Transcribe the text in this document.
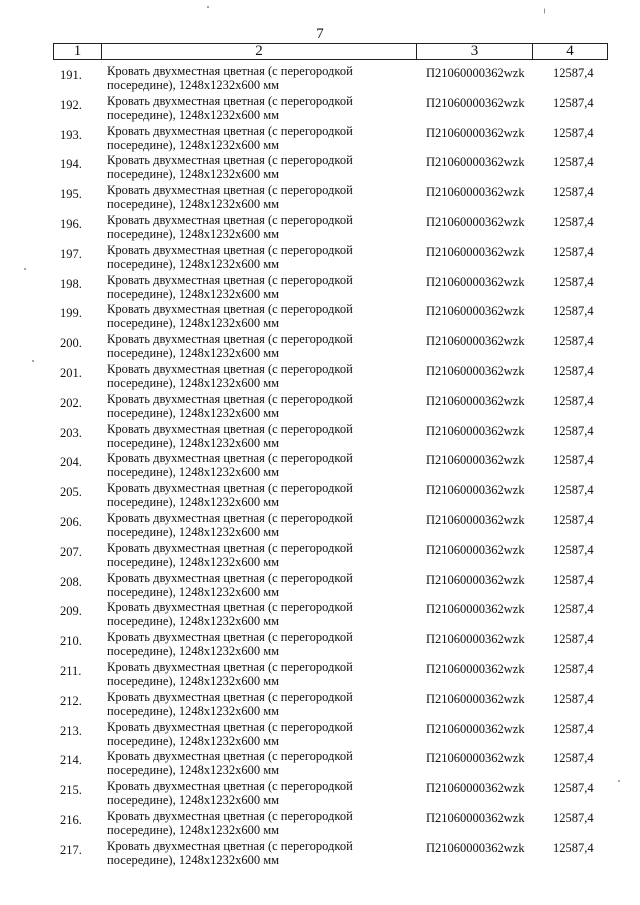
7
1	2	3	4
191.	Кровать двухместная цветная (с перегородкой
посередине), 1248x1232x600 мм
П21060000362wzk 12587,4
192.	Кровать двухместная цветная (с перегородкой
посередине), 1248x1232x600 мм
П21060000362wzk 12587,4
193.	Кровать двухместная цветная (с перегородкой
посередине), 1248x1232x600 мм
П21060000362wzk 12587,4
194.	Кровать двухместная цветная (с перегородкой
посередине), 1248x1232x600 мм
П21060000362wzk 12587,4
195.	Кровать двухместная цветная (с перегородкой
посередине), 1248x1232x600 мм
П21060000362wzk 12587,4
196.	Кровать двухместная цветная (с перегородкой
посередине), 1248x1232x600 мм
П21060000362wzk 12587,4
197.	Кровать двухместная цветная (с перегородкой
посередине), 1248x1232x600 мм
П21060000362wzk 12587,4
198.	Кровать двухместная цветная (с перегородкой
посередине), 1248x1232x600 мм
П21060000362wzk 12587,4
199.	Кровать двухместная цветная (с перегородкой
посередине), 1248x1232x600 мм
П21060000362wzk 12587,4
200.	Кровать двухместная цветная (с перегородкой
посередине), 1248x1232x600 мм
П21060000362wzk 12587,4
201.	Кровать двухместная цветная (с перегородкой
посередине), 1248x1232x600 мм
П21060000362wzk 12587,4
202.	Кровать двухместная цветная (с перегородкой
посередине), 1248x1232x600 мм
П21060000362wzk 12587,4
203.	Кровать двухместная цветная (с перегородкой
посередине), 1248x1232x600 мм
П21060000362wzk 12587,4
204.	Кровать двухместная цветная (с перегородкой
посередине), 1248x1232x600 мм
П21060000362wzk 12587,4
205.	Кровать двухместная цветная (с перегородкой
посередине), 1248x1232x600 мм
П21060000362wzk 12587,4
206.	Кровать двухместная цветная (с перегородкой
посередине), 1248x1232x600 мм
П21060000362wzk 12587,4
207.	Кровать двухместная цветная (с перегородкой
посередине), 1248x1232x600 мм
П21060000362wzk 12587,4
208.	Кровать двухместная цветная (с перегородкой
посередине), 1248x1232x600 мм
П21060000362wzk 12587,4
209.	Кровать двухместная цветная (с перегородкой
посередине), 1248x1232x600 мм
П21060000362wzk 12587,4
210.	Кровать двухместная цветная (с перегородкой
посередине), 1248x1232x600 мм
П21060000362wzk 12587,4
211.	Кровать двухместная цветная (с перегородкой
посередине), 1248x1232x600 мм
П21060000362wzk 12587,4
212.	Кровать двухместная цветная (с перегородкой
посередине), 1248x1232x600 мм
П21060000362wzk 12587,4
213.	Кровать двухместная цветная (с перегородкой
посередине), 1248x1232x600 мм
П21060000362wzk 12587,4
214.	Кровать двухместная цветная (с перегородкой
посередине), 1248x1232x600 мм
П21060000362wzk 12587,4
215.	Кровать двухместная цветная (с перегородкой
посередине), 1248x1232x600 мм
П21060000362wzk 12587,4
216.	Кровать двухместная цветная (с перегородкой
посередине), 1248x1232x600 мм
П21060000362wzk 12587,4
217.	Кровать двухместная цветная (с перегородкой
посередине), 1248x1232x600 мм
П21060000362wzk 12587,4
